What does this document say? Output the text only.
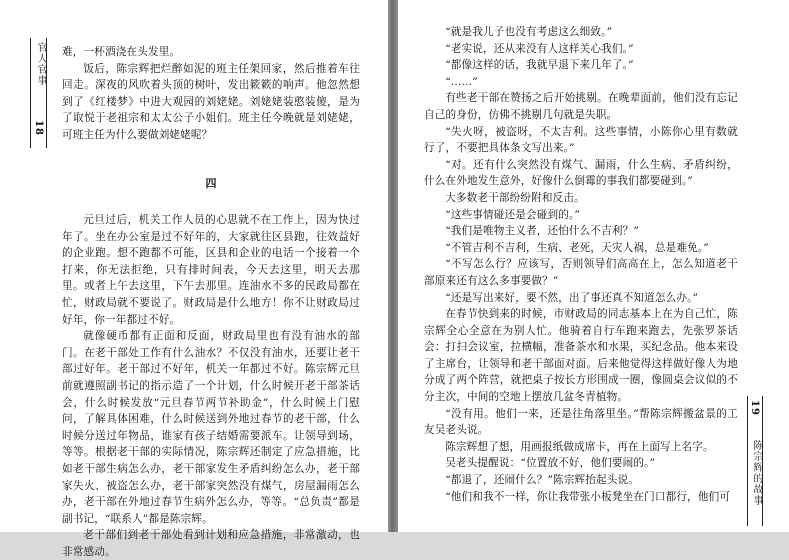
官人官事
18

难，一杯酒浇在头发里。

饭后，陈宗辉把烂醉如泥的班主任架回家，然后推着车往回走。深夜的风吹着头顶的树叶，发出簌簌的响声。他忽然想到了《红楼梦》中进大观园的刘姥姥。刘姥姥装憨装傻，是为了取悦于老祖宗和太太公子小姐们。班主任今晚就是刘姥姥，可班主任为什么要做刘姥姥呢？

四

元旦过后，机关工作人员的心思就不在工作上，因为快过年了。坐在办公室是过不好年的，大家就往区县跑，往效益好的企业跑。想不跑都不可能，区县和企业的电话一个接着一个打来，你无法拒绝，只有排时间表，今天去这里，明天去那里。或者上午去这里，下午去那里。连油水不多的民政局都在忙，财政局就不要说了。财政局是什么地方！你不让财政局过好年，你一年都过不好。

就像硬币都有正面和反面，财政局里也有没有油水的部门。在老干部处工作有什么油水？不仅没有油水，还要让老干部过好年。老干部过不好年，机关一年都过不好。陈宗辉元旦前就遵照副书记的指示造了一个计划，什么时候开老干部茶话会，什么时候发放“元旦春节两节补助金”，什么时候上门慰问，了解具体困难，什么时候送到外地过春节的老干部，什么时候分送过年物品，谁家有孩子结婚需要派车。让领导到场，等等。根据老干部的实际情况，陈宗辉还制定了应急措施，比如老干部生病怎么办，老干部家发生矛盾纠纷怎么办，老干部家失火、被盗怎么办，老干部家突然没有煤气，房屋漏雨怎么办，老干部在外地过春节生病外怎么办，等等。“总负责”都是副书记，“联系人”都是陈宗辉。

老干部们到老干部处看到计划和应急措施，非常激动，也非常感动。

“就是我儿子也没有考虑这么细致。”

“老实说，还从来没有人这样关心我们。”

“都像这样的话，我就早退下来几年了。”

“……”

有些老干部在赞扬之后开始挑剔。在晚辈面前，他们没有忘记自己的身份，仿佛不挑剔几句就是失职。

“失火呀，被盗呀，不太吉利。这些事情，小陈你心里有数就行了，不要把具体条文写出来。”

“对。还有什么突然没有煤气、漏雨，什么生病、矛盾纠纷，什么在外地发生意外，好像什么倒霉的事我们都要碰到。”

大多数老干部纷纷附和反击。

“这些事情碰还是会碰到的。”

“我们是唯物主义者，还怕什么不吉利？”

“不管吉利不吉利，生病、老死，天灾人祸，总是难免。”

“不写怎么行？应该写，否则领导们高高在上，怎么知道老干部原来还有这么多事要做？”

“还是写出来好，要不然，出了事还真不知道怎么办。”

在春节快到来的时候，市财政局的同志基本上在为自己忙，陈宗辉全心全意在为别人忙。他骑着自行车跑来跑去，先张罗茶话会：打扫会议室，拉横幅，准备茶水和水果，买纪念品。他本来设了主席台，让领导和老干部面对面。后来他觉得这样做好像人为地分成了两个阵营，就把桌子按长方形围成一圈，像圆桌会议似的不分主次，中间的空地上摆放几盆冬青植物。

“没有用。他们一来，还是往角落里坐。”帮陈宗辉搬盆景的工友吴老头说。

陈宗辉想了想，用画报纸做成席卡，再在上面写上名字。

吴老头提醒说：“位置放不好，他们要闹的。”

“都退了，还闹什么？”陈宗辉抬起头说。

“他们和我不一样，你让我带张小板凳坐在门口都行，他们可

19
陈宗辉的故事
